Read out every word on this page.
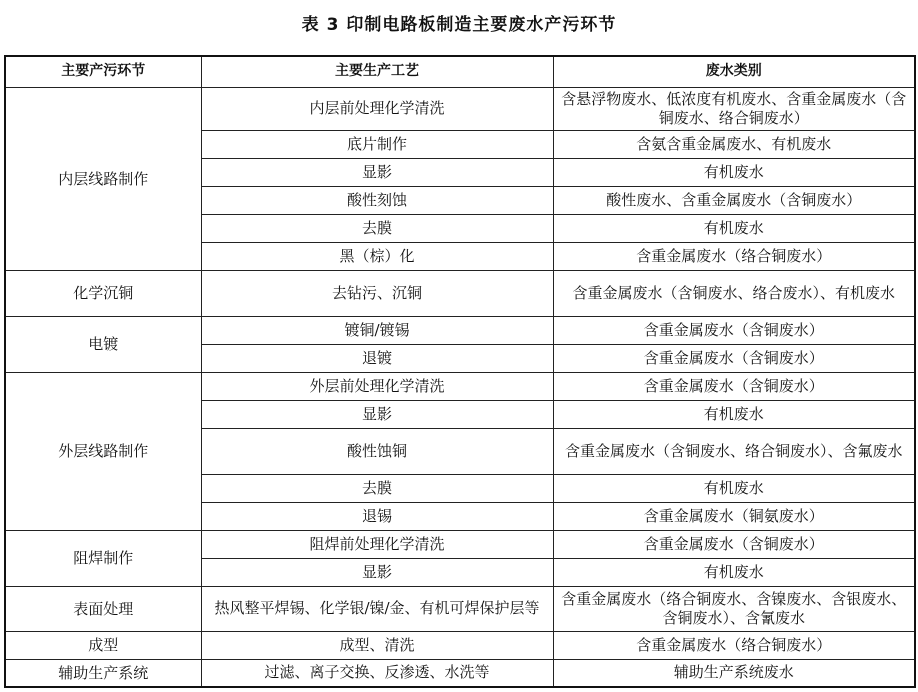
表 3 印制电路板制造主要废水产污环节
主要产污环节	主要生产工艺	废水类别
内层线路制作	内层前处理化学清洗	含悬浮物废水、低浓度有机废水、含重金属废水（含铜废水、络合铜废水）
	底片制作	含氨含重金属废水、有机废水
	显影	有机废水
	酸性刻蚀	酸性废水、含重金属废水（含铜废水）
	去膜	有机废水
	黑（棕）化	含重金属废水（络合铜废水）
化学沉铜	去钻污、沉铜	含重金属废水（含铜废水、络合废水）、有机废水
电镀	镀铜/镀锡	含重金属废水（含铜废水）
	退镀	含重金属废水（含铜废水）
外层线路制作	外层前处理化学清洗	含重金属废水（含铜废水）
	显影	有机废水
	酸性蚀铜	含重金属废水（含铜废水、络合铜废水）、含氟废水
	去膜	有机废水
	退锡	含重金属废水（铜氨废水）
阻焊制作	阻焊前处理化学清洗	含重金属废水（含铜废水）
	显影	有机废水
表面处理	热风整平焊锡、化学银/镍/金、有机可焊保护层等	含重金属废水（络合铜废水、含镍废水、含银废水、含铜废水）、含氰废水
成型	成型、清洗	含重金属废水（络合铜废水）
辅助生产系统	过滤、离子交换、反渗透、水洗等	辅助生产系统废水
